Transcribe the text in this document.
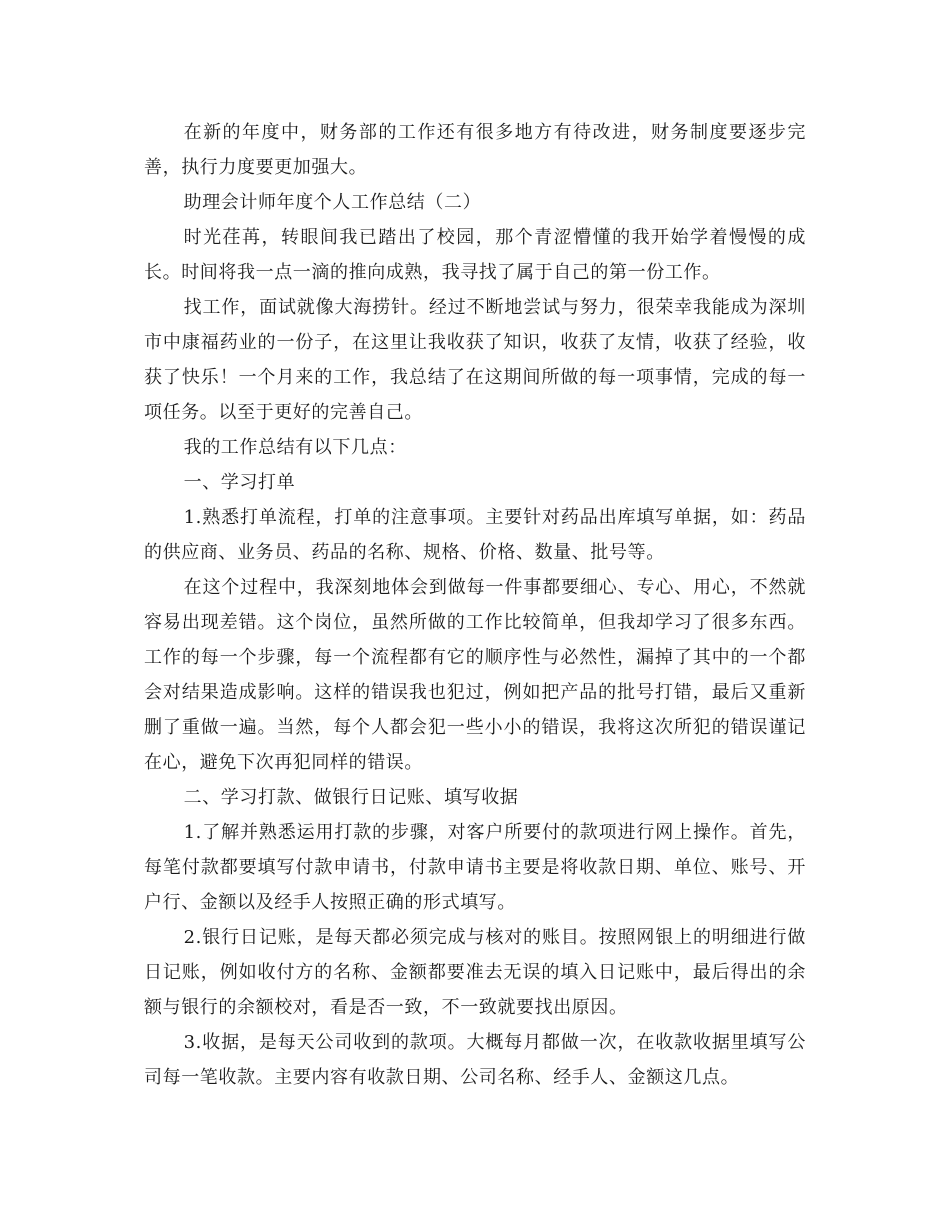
在新的年度中，财务部的工作还有很多地方有待改进，财务制度要逐步完善，执行力度要更加强大。

助理会计师年度个人工作总结（二）

时光荏苒，转眼间我已踏出了校园，那个青涩懵懂的我开始学着慢慢的成长。时间将我一点一滴的推向成熟，我寻找了属于自己的第一份工作。

找工作，面试就像大海捞针。经过不断地尝试与努力，很荣幸我能成为深圳市中康福药业的一份子，在这里让我收获了知识，收获了友情，收获了经验，收获了快乐！一个月来的工作，我总结了在这期间所做的每一项事情，完成的每一项任务。以至于更好的完善自己。

我的工作总结有以下几点：

一、学习打单

1.熟悉打单流程，打单的注意事项。主要针对药品出库填写单据，如：药品的供应商、业务员、药品的名称、规格、价格、数量、批号等。

在这个过程中，我深刻地体会到做每一件事都要细心、专心、用心，不然就容易出现差错。这个岗位，虽然所做的工作比较简单，但我却学习了很多东西。工作的每一个步骤，每一个流程都有它的顺序性与必然性，漏掉了其中的一个都会对结果造成影响。这样的错误我也犯过，例如把产品的批号打错，最后又重新删了重做一遍。当然，每个人都会犯一些小小的错误，我将这次所犯的错误谨记在心，避免下次再犯同样的错误。

二、学习打款、做银行日记账、填写收据

1.了解并熟悉运用打款的步骤，对客户所要付的款项进行网上操作。首先，每笔付款都要填写付款申请书，付款申请书主要是将收款日期、单位、账号、开户行、金额以及经手人按照正确的形式填写。

2.银行日记账，是每天都必须完成与核对的账目。按照网银上的明细进行做日记账，例如收付方的名称、金额都要准去无误的填入日记账中，最后得出的余额与银行的余额校对，看是否一致，不一致就要找出原因。

3.收据，是每天公司收到的款项。大概每月都做一次，在收款收据里填写公司每一笔收款。主要内容有收款日期、公司名称、经手人、金额这几点。
